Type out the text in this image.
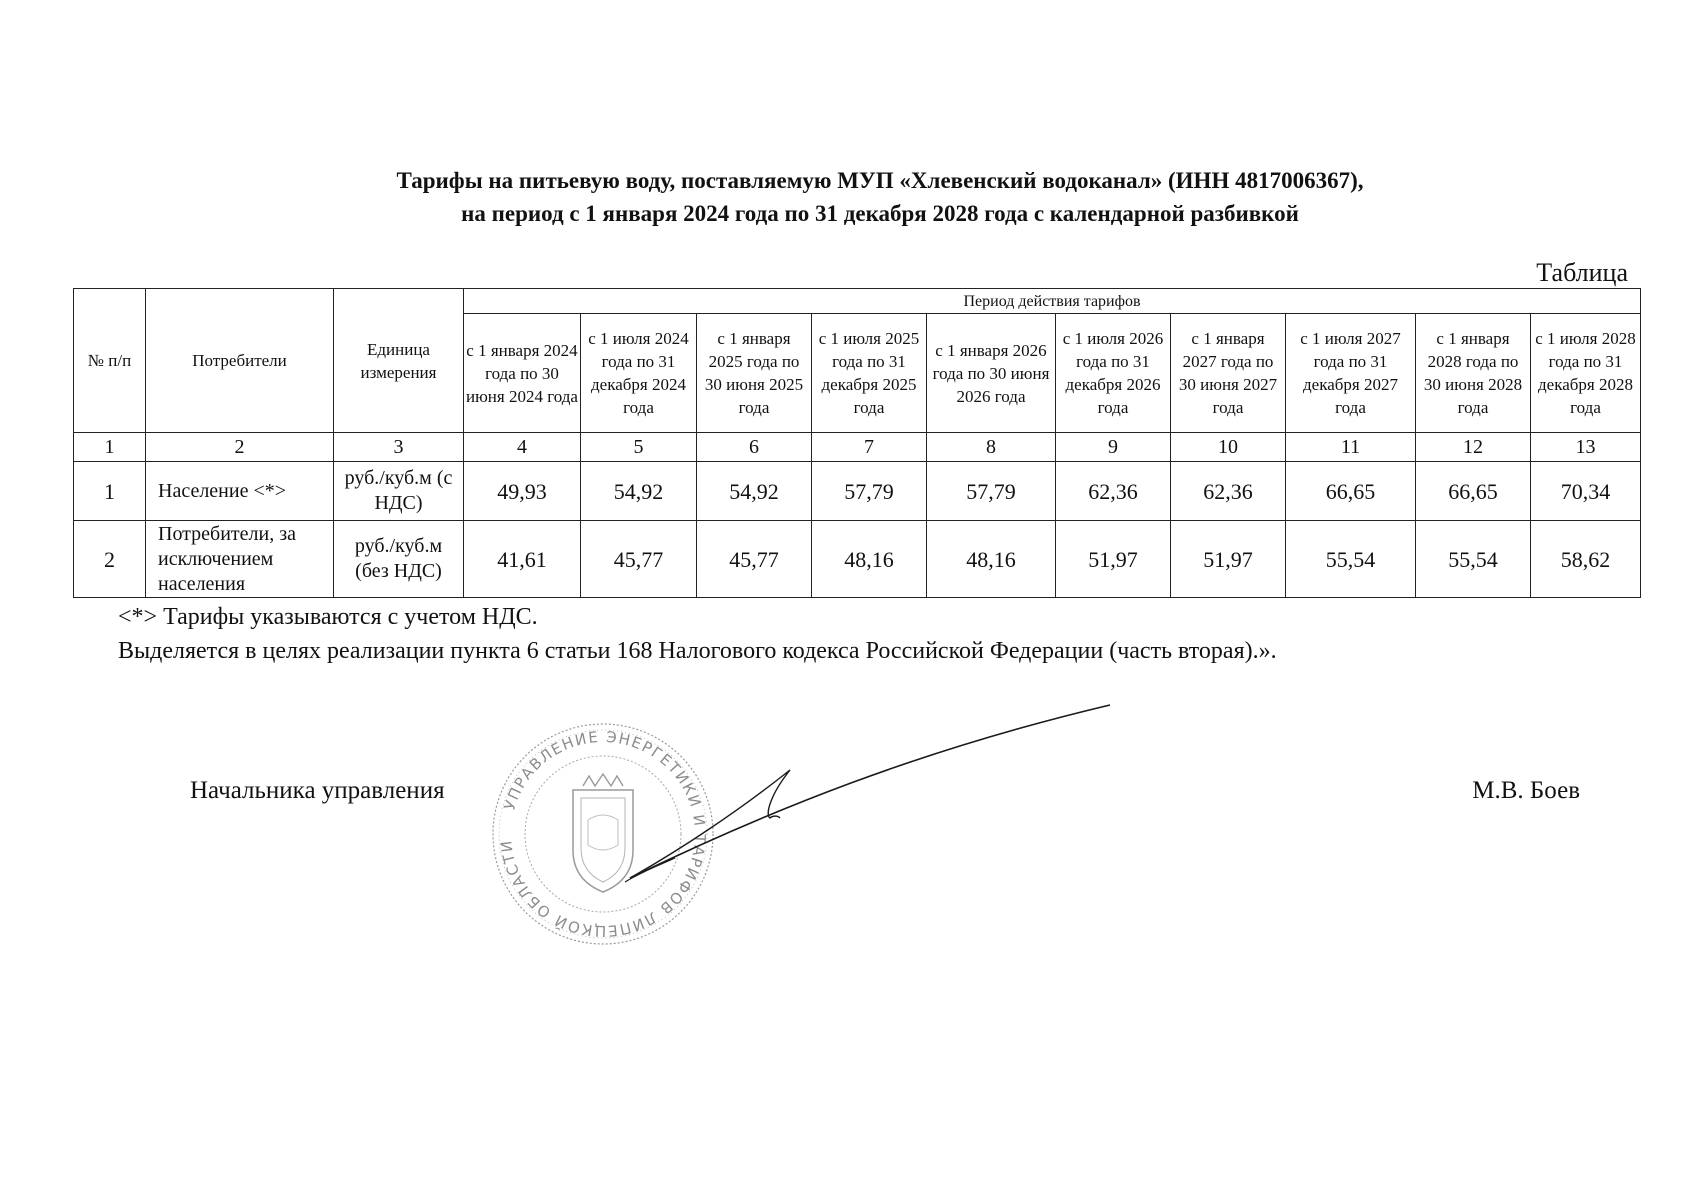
Тарифы на питьевую воду, поставляемую МУП «Хлевенский водоканал» (ИНН 4817006367),
на период с 1 января 2024 года по 31 декабря 2028 года с календарной разбивкой
Таблица
№ п/п	Потребители	Единица измерения	Период действия тарифов									
			с 1 января 2024 года по 30 июня 2024 года	с 1 июля 2024 года по 31 декабря 2024 года	с 1 января 2025 года по 30 июня 2025 года	с 1 июля 2025 года по 31 декабря 2025 года	с 1 января 2026 года по 30 июня 2026 года	с 1 июля 2026 года по 31 декабря 2026 года	с 1 января 2027 года по 30 июня 2027 года	с 1 июля 2027 года по 31 декабря 2027 года	с 1 января 2028 года по 30 июня 2028 года	с 1 июля 2028 года по 31 декабря 2028 года
1	2	3	4	5	6	7	8	9	10	11	12	13
1	Население <*>	руб./куб.м (с НДС)	49,93	54,92	54,92	57,79	57,79	62,36	62,36	66,65	66,65	70,34
2	Потребители, за исключением населения	руб./куб.м (без НДС)	41,61	45,77	45,77	48,16	48,16	51,97	51,97	55,54	55,54	58,62
<*> Тарифы указываются с учетом НДС.
Выделяется в целях реализации пункта 6 статьи 168 Налогового кодекса Российской Федерации (часть вторая).».
Начальника управления	М.В. Боев
УПРАВЛЕНИЕ ЭНЕРГЕТИКИ И ТАРИФОВ ЛИПЕЦКОЙ ОБЛАСТИ
